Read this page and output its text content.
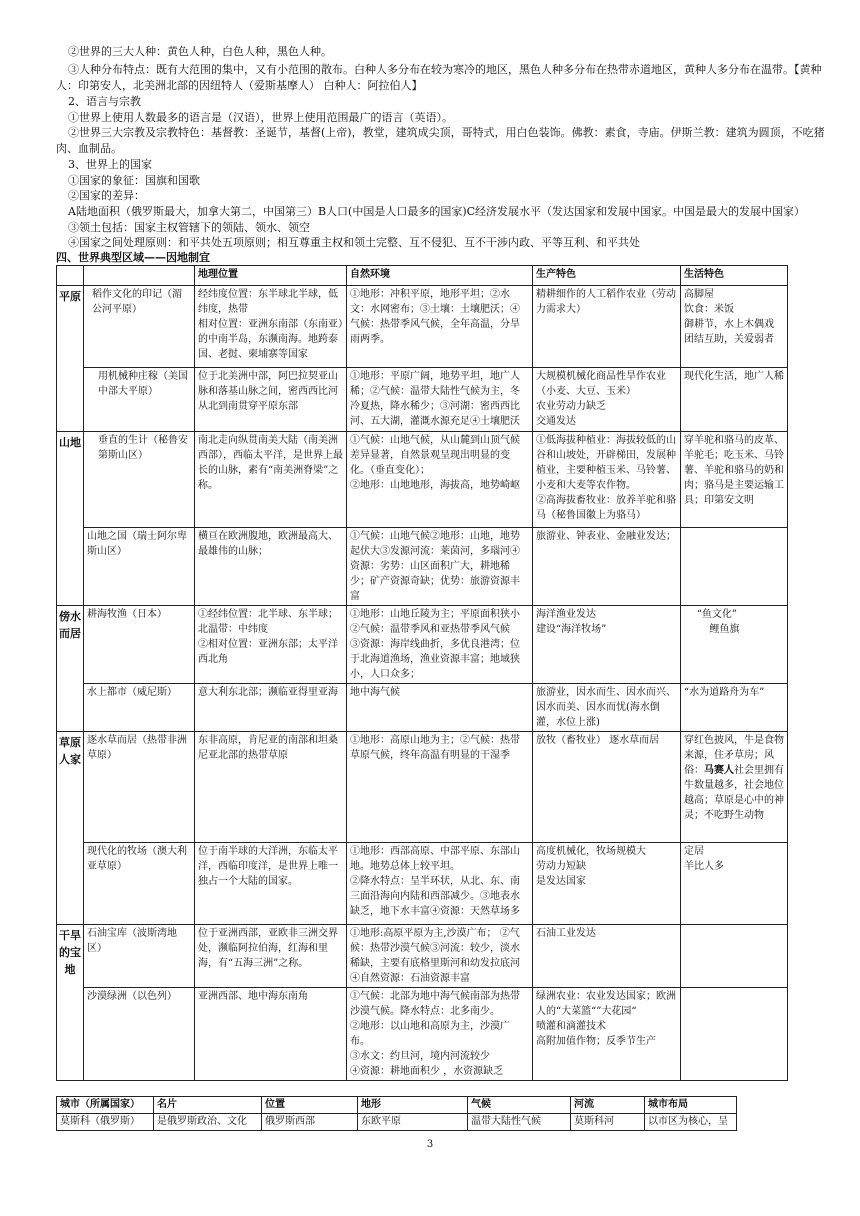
②世界的三大人种：黄色人种，白色人种，黑色人种。
③人种分布特点：既有大范围的集中，又有小范围的散布。白种人多分布在较为寒冷的地区，黑色人种多分布在热带赤道地区，黄种人多分布在温带。【黄种
人：印第安人，北美洲北部的因纽特人（爱斯基摩人） 白种人：阿拉伯人】
2、语言与宗教
①世界上使用人数最多的语言是（汉语），世界上使用范围最广的语言（英语）。
②世界三大宗教及宗教特色：基督教：圣诞节，基督(上帝)，教堂，建筑成尖顶，哥特式，用白色装饰。佛教：素食，寺庙。伊斯兰教：建筑为圆顶，不吃猪
肉、血制品。
3、世界上的国家
①国家的象征：国旗和国歌
②国家的差异：
A陆地面积（俄罗斯最大，加拿大第二，中国第三）B人口(中国是人口最多的国家)C经济发展水平（发达国家和发展中国家。中国是最大的发展中国家）
③领土包括：国家主权管辖下的领陆、领水、领空
④国家之间处理原则：和平共处五项原则；相互尊重主权和领土完整、互不侵犯、互不干涉内政、平等互利、和平共处
四、世界典型区域——因地制宜
		地理位置	自然环境	生产特色	生活特色
平原	稻作文化的印记（湄公河平原）	经纬度位置：东半球北半球，低纬度，热带
相对位置：亚洲东南部（东南亚）的中南半岛，东濒南海。地跨泰国、老挝、柬埔寨等国家	①地形：冲积平原，地形平坦；②水文：水网密布；③土壤：土壤肥沃；④气候：热带季风气候，全年高温，分旱雨两季。	精耕细作的人工稻作农业（劳动力需求大）	高脚屋
饮食：米饭
御耕节，水上木偶戏
团结互助，关爱弱者
	用机械种庄稼（美国中部大平原）	位于北美洲中部，阿巴拉契亚山脉和落基山脉之间，密西西比河从北到南贯穿平原东部	①地形：平原广阔，地势平坦，地广人稀；②气候：温带大陆性气候为主，冬冷夏热，降水稀少；③河湖：密西西比河、五大湖，灌溉水源充足④土壤肥沃	大规模机械化商品性旱作农业（小麦、大豆、玉米）
农业劳动力缺乏
交通发达	现代化生活，地广人稀
山地	垂直的生计（秘鲁安第斯山区）	南北走向纵贯南美大陆（南美洲西部），西临太平洋，是世界上最长的山脉，素有“南美洲脊梁”之称。	①气候：山地气候，从山麓到山顶气候差异显著，自然景观呈现出明显的变化。（垂直变化）；
②地形：山地地形，海拔高，地势崎岖	①低海拔种植业：海拔较低的山谷和山坡处，开辟梯田，发展种植业，主要种植玉米、马铃薯、小麦和大麦等农作物。
②高海拔畜牧业：放养羊驼和骆马（秘鲁国徽上为骆马）	穿羊驼和骆马的皮革、羊驼毛；吃玉米、马铃薯、羊驼和骆马的奶和肉；骆马是主要运输工具；印第安文明
	山地之国（瑞士阿尔卑斯山区）	横亘在欧洲腹地，欧洲最高大、最雄伟的山脉；	①气候：山地气候②地形：山地，地势起伏大③发源河流：莱茵河，多瑙河④资源：劣势：山区面积广大，耕地稀少；矿产资源奇缺；优势：旅游资源丰富	旅游业、钟表业、金融业发达；	
傍水而居	耕海牧渔（日本）	①经纬位置：北半球、东半球；北温带：中纬度
②相对位置：亚洲东部；太平洋西北角	①地形：山地丘陵为主；平原面积狭小
②气候：温带季风和亚热带季风气候
③资源：海岸线曲折，多优良港湾；位于北海道渔场，渔业资源丰富；地域狭小，人口众多；	海洋渔业发达
建设“海洋牧场”	“鱼文化”
鲤鱼旗
	水上都市（威尼斯）	意大利东北部；濒临亚得里亚海	地中海气候	旅游业，因水而生、因水而兴、因水而美、因水而忧(海水倒灌，水位上涨)	“水为道路舟为车”
草原人家	逐水草而居（热带非洲草原）	东非高原，肯尼亚的南部和坦桑尼亚北部的热带草原	①地形：高原山地为主；②气候：热带草原气候，终年高温有明显的干湿季	放牧（畜牧业） 逐水草而居	穿红色披风，牛是食物来源，住矛草房；风俗：马赛人社会里拥有牛数量越多，社会地位越高；草原是心中的神灵；不吃野生动物
	现代化的牧场（澳大利亚草原）	位于南半球的大洋洲，东临太平洋，西临印度洋，是世界上唯一独占一个大陆的国家。	①地形：西部高原、中部平原、东部山地。地势总体上较平坦。
②降水特点：呈半环状，从北、东、南三面沿海向内陆和西部减少。③地表水缺乏，地下水丰富④资源：天然草场多	高度机械化，牧场规模大
劳动力短缺
是发达国家	定居
羊比人多
干旱的宝地	石油宝库（波斯湾地区）	位于亚洲西部，亚欧非三洲交界处，濒临阿拉伯海，红海和里海，有“五海三洲”之称。	①地形:高原平原为主,沙漠广布； ②气候：热带沙漠气候③河流：较少，淡水稀缺，主要有底格里斯河和幼发拉底河④自然资源：石油资源丰富	石油工业发达	
	沙漠绿洲（以色列）	亚洲西部、地中海东南角	①气候：北部为地中海气候南部为热带沙漠气候。降水特点：北多南少。
②地形：以山地和高原为主，沙漠广布。
③水文：约旦河，境内河流较少
④资源：耕地面积少 ，水资源缺乏	绿洲农业：农业发达国家；欧洲人的“大菜篮“”大花园“
喷灌和滴灌技术
高附加值作物；反季节生产	
城市（所属国家）	名片	位置	地形	气候	河流	城市布局
莫斯科（俄罗斯）	是俄罗斯政治、文化	俄罗斯西部	东欧平原	温带大陆性气候	莫斯科河	以市区为核心，呈
3
